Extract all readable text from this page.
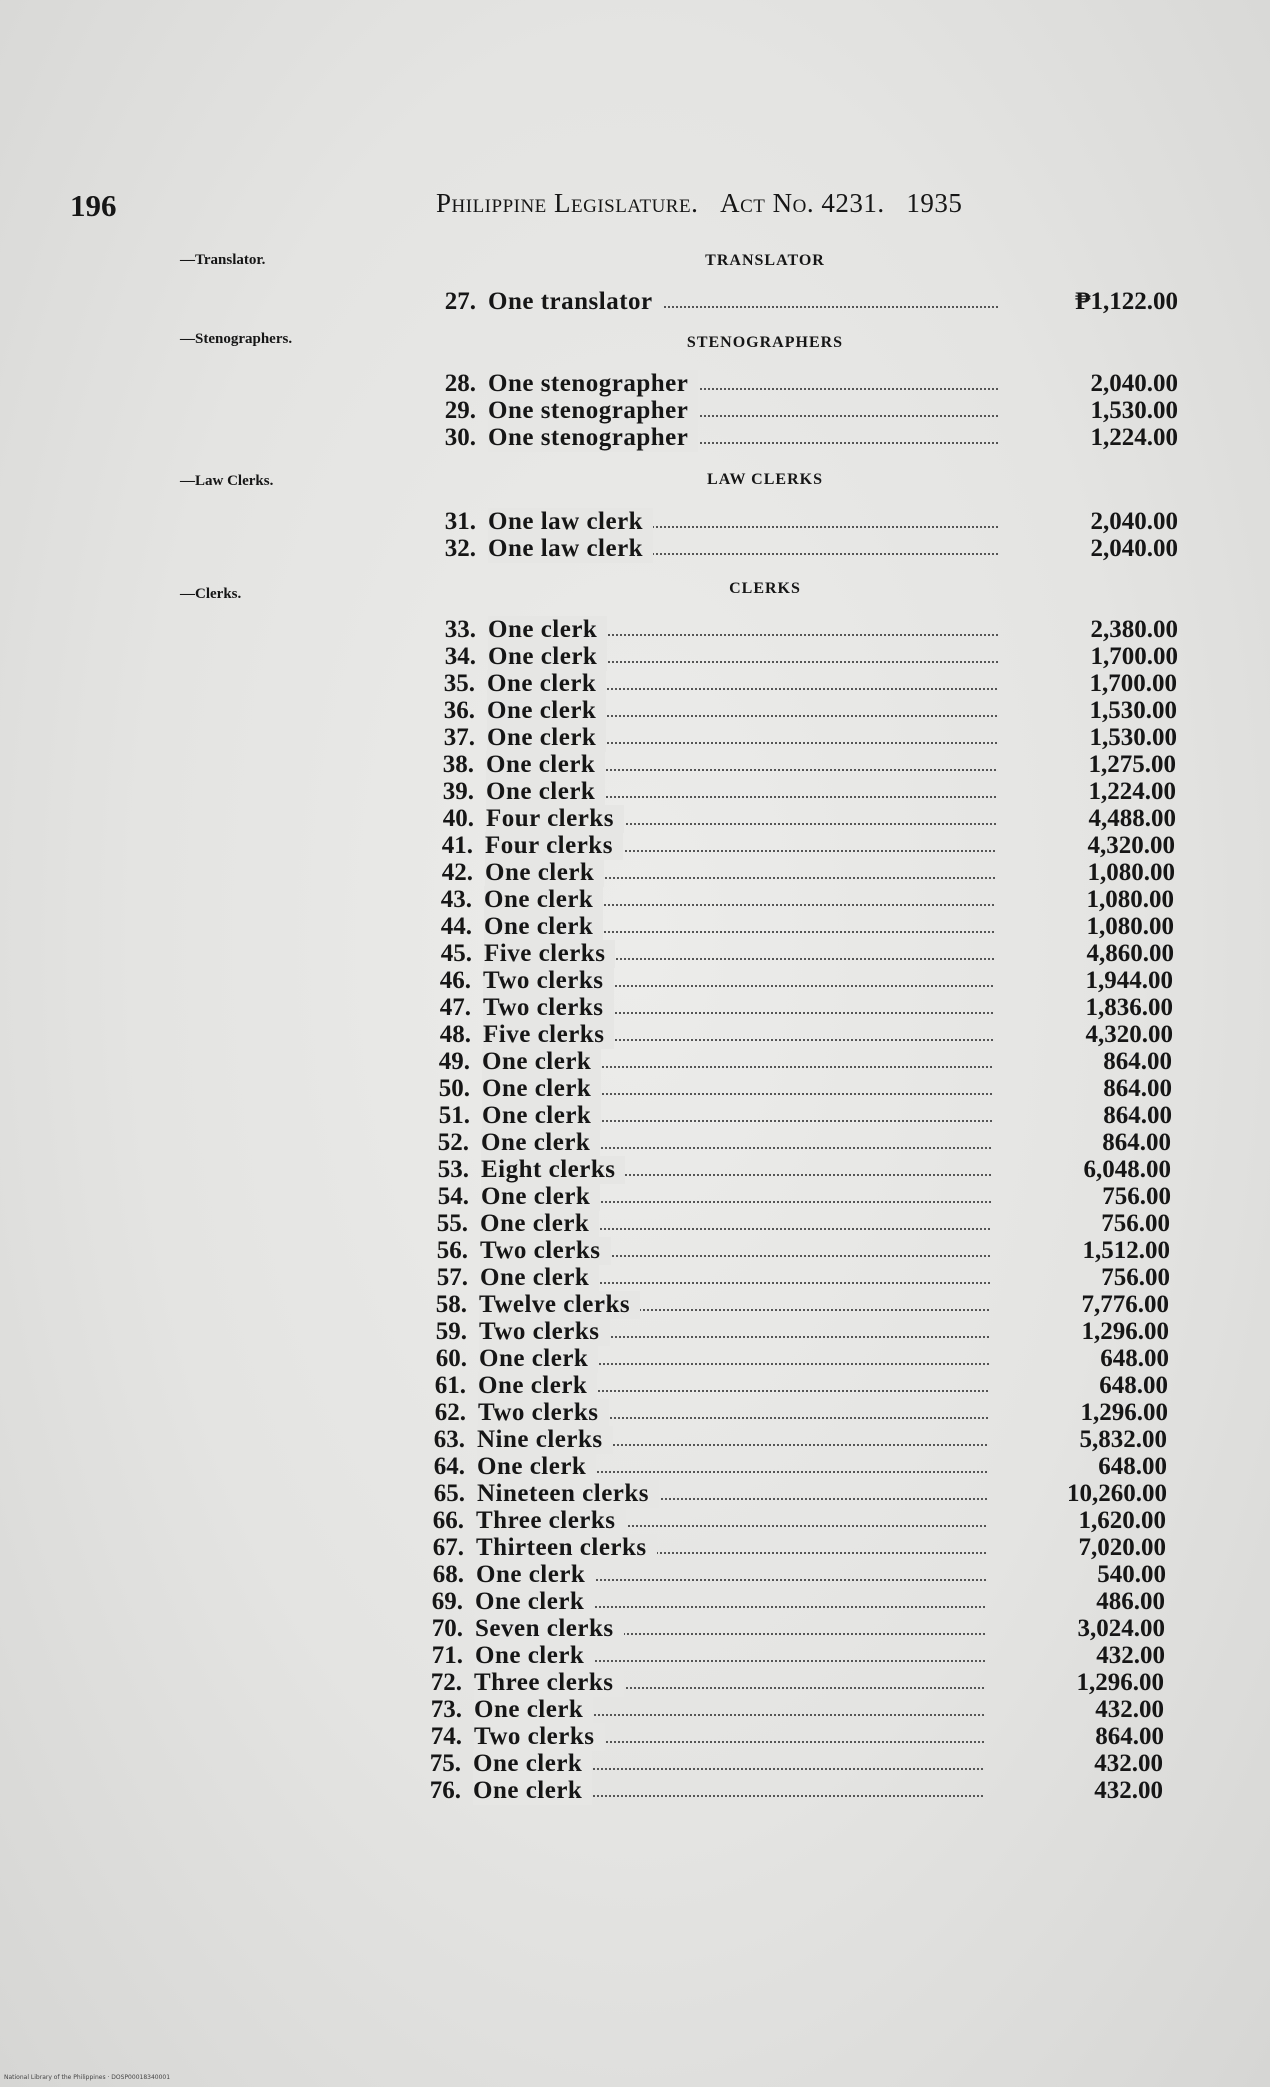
196	Philippine Legislature. Act No. 4231. 1935
—Translator.
—Stenographers.
—Law Clerks.
—Clerks.
TRANSLATOR
STENOGRAPHERS
LAW CLERKS
CLERKS
27. One translator	₱1,122.00
28. One stenographer	2,040.00
29. One stenographer	1,530.00
30. One stenographer	1,224.00
31. One law clerk	2,040.00
32. One law clerk	2,040.00
33. One clerk	2,380.00
34. One clerk	1,700.00
35. One clerk	1,700.00
36. One clerk	1,530.00
37. One clerk	1,530.00
38. One clerk	1,275.00
39. One clerk	1,224.00
40. Four clerks	4,488.00
41. Four clerks	4,320.00
42. One clerk	1,080.00
43. One clerk	1,080.00
44. One clerk	1,080.00
45. Five clerks	4,860.00
46. Two clerks	1,944.00
47. Two clerks	1,836.00
48. Five clerks	4,320.00
49. One clerk	864.00
50. One clerk	864.00
51. One clerk	864.00
52. One clerk	864.00
53. Eight clerks	6,048.00
54. One clerk	756.00
55. One clerk	756.00
56. Two clerks	1,512.00
57. One clerk	756.00
58. Twelve clerks	7,776.00
59. Two clerks	1,296.00
60. One clerk	648.00
61. One clerk	648.00
62. Two clerks	1,296.00
63. Nine clerks	5,832.00
64. One clerk	648.00
65. Nineteen clerks	10,260.00
66. Three clerks	1,620.00
67. Thirteen clerks	7,020.00
68. One clerk	540.00
69. One clerk	486.00
70. Seven clerks	3,024.00
71. One clerk	432.00
72. Three clerks	1,296.00
73. One clerk	432.00
74. Two clerks	864.00
75. One clerk	432.00
76. One clerk	432.00
National Library of the Philippines · DOSP00018340001
